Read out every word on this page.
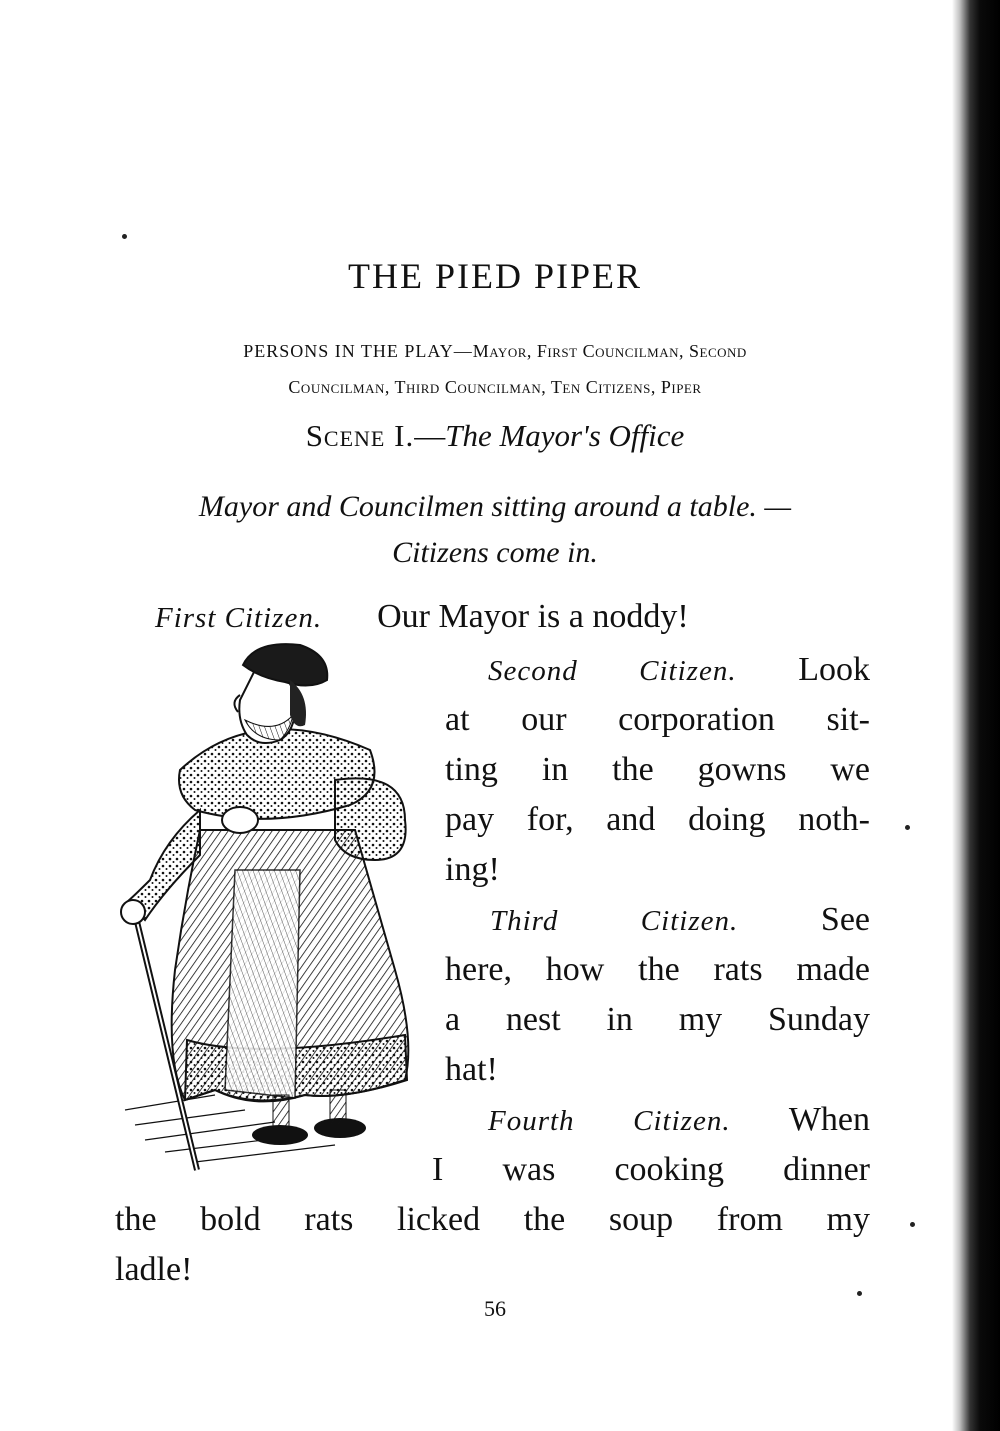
THE PIED PIPER
PERSONS IN THE PLAY—Mayor, First Councilman, Second
Councilman, Third Councilman, Ten Citizens, Piper
Scene I.—The Mayor's Office
Mayor and Councilmen sitting around a table. —
Citizens come in.
First Citizen. Our Mayor is a noddy!
Second Citizen. Look
at our corporation sit-
ting in the gowns we
pay for, and doing noth-
ing!
Third Citizen. See
here, how the rats made
a nest in my Sunday
hat!
Fourth Citizen. When
I was cooking dinner
the bold rats licked the soup from my
ladle!
56
